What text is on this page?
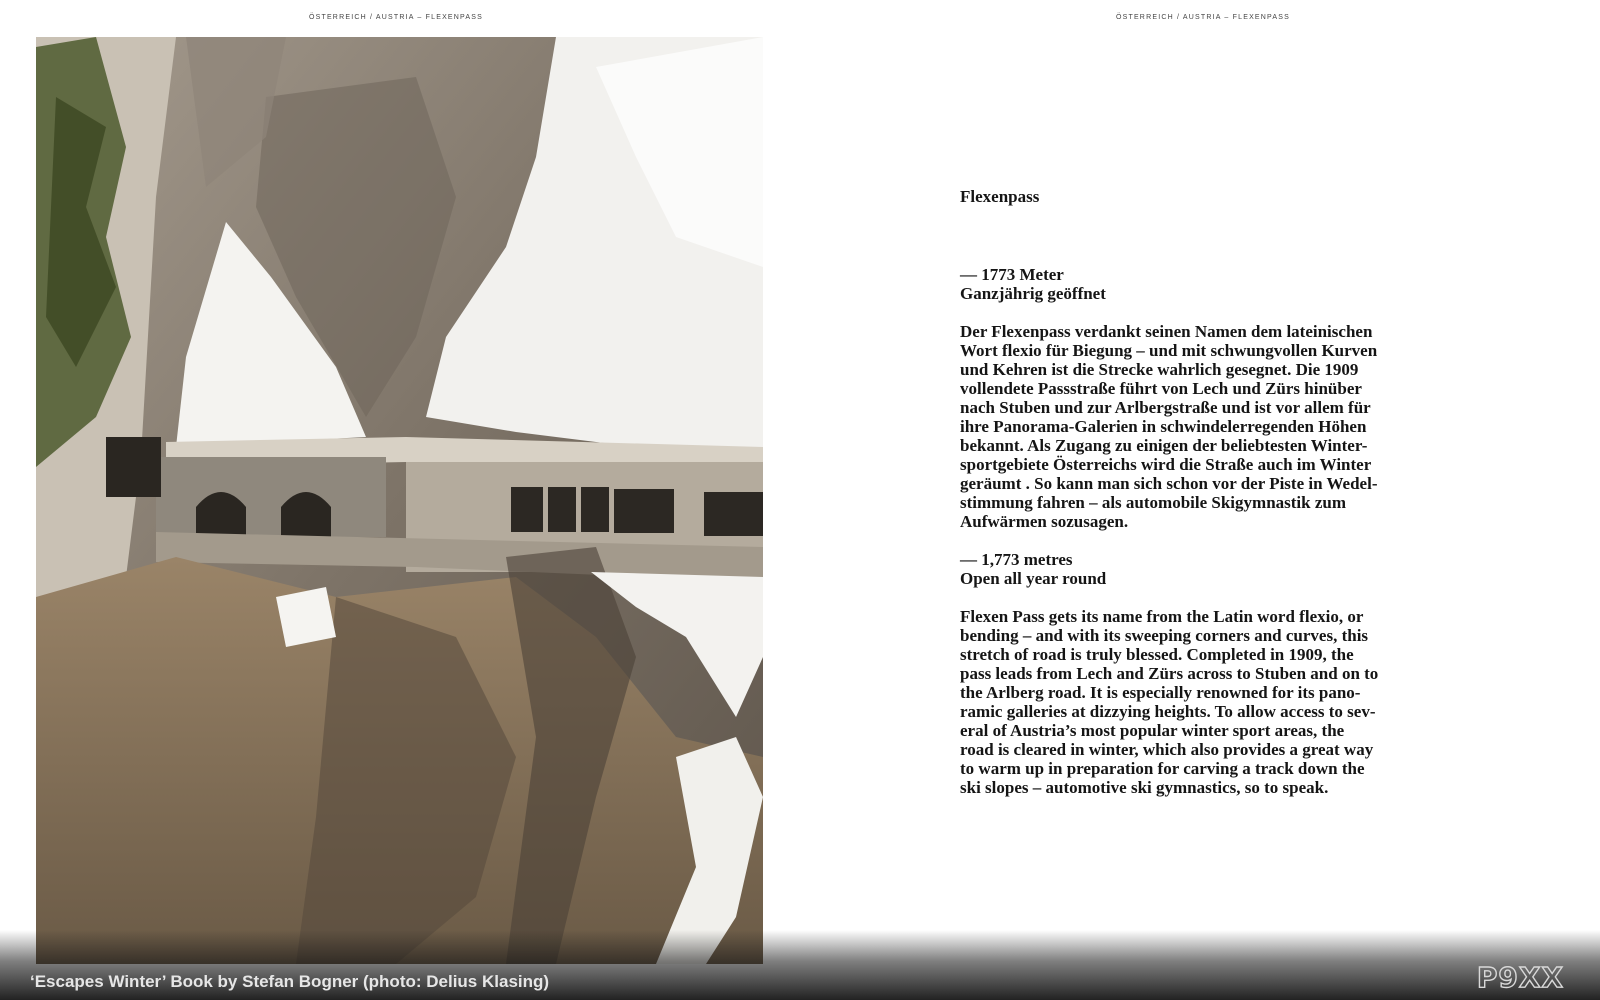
ÖSTERREICH / AUSTRIA – FLEXENPASS	ÖSTERREICH / AUSTRIA – FLEXENPASS
Flexenpass

— 1773 Meter
Ganzjährig geöffnet

Der Flexenpass verdankt seinen Namen dem lateinischen
Wort flexio für Biegung – und mit schwungvollen Kurven
und Kehren ist die Strecke wahrlich gesegnet. Die 1909
vollendete Passstraße führt von Lech und Zürs hinüber
nach Stuben und zur Arlbergstraße und ist vor allem für
ihre Panorama-Galerien in schwindelerregenden Höhen
bekannt. Als Zugang zu einigen der beliebtesten Winter-
sportgebiete Österreichs wird die Straße auch im Winter
geräumt . So kann man sich schon vor der Piste in Wedel-
stimmung fahren – als automobile Skigymnastik zum
Aufwärmen sozusagen.

— 1,773 metres
Open all year round

Flexen Pass gets its name from the Latin word flexio, or
bending – and with its sweeping corners and curves, this
stretch of road is truly blessed. Completed in 1909, the
pass leads from Lech and Zürs across to Stuben and on to
the Arlberg road. It is especially renowned for its pano-
ramic galleries at dizzying heights. To allow access to sev-
eral of Austria’s most popular winter sport areas, the
road is cleared in winter, which also provides a great way
to warm up in preparation for carving a track down the
ski slopes – automotive ski gymnastics, so to speak.

‘Escapes Winter’ Book by Stefan Bogner (photo: Delius Klasing)	P9XX
